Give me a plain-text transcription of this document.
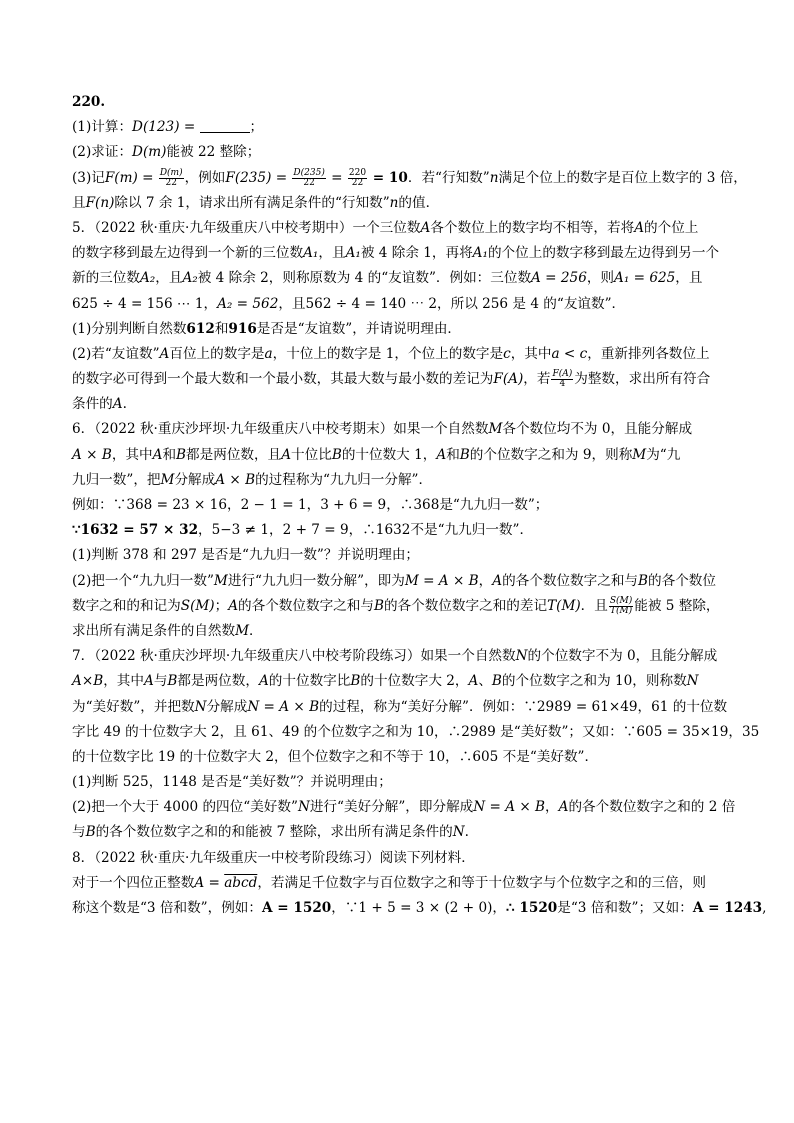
220.
(1)计算：D(123) =	；
(2)求证：D(m)能被 22 整除；
(3)记$F(m) = \frac{D(m)}{22}$ ，例如$F(235) = \frac{D(235)}{22} = \frac{220}{22} = 10$．若“行知数”n满足个位上的数字是百位上数字的 3 倍，
且F(n)除以 7 余 1，请求出所有满足条件的“行知数”n的值．
5．（2022 秋·重庆·九年级重庆八中校考期中）一个三位数A各个数位上的数字均不相等，若将A的个位上
的数字移到最左边得到一个新的三位数A₁，且A₁被 4 除余 1，再将A₁的个位上的数字移到最左边得到另一个
新的三位数A₂，且A₂被 4 除余 2，则称原数为 4 的“友谊数”．例如：三位数A = 256，则A₁ = 625，且
625 ÷ 4 = 156 ⋯ 1，A₂ = 562，且562 ÷ 4 = 140 ⋯ 2，所以 256 是 4 的“友谊数”．
(1)分别判断自然数612和916是否是“友谊数”，并请说明理由．
(2)若“友谊数”A百位上的数字是a，十位上的数字是 1，个位上的数字是c，其中a < c，重新排列各数位上
的数字必可得到一个最大数和一个最小数，其最大数与最小数的差记为F(A)，若 $\frac{F(A)}{4}$ 为整数，求出所有符合
条件的A.
6．（2022 秋·重庆沙坪坝·九年级重庆八中校考期末）如果一个自然数M各个数位均不为 0，且能分解成
A × B，其中A和B都是两位数，且A十位比B的十位数大 1，A和B的个位数字之和为 9，则称M为“九
九归一数”，把M分解成A × B的过程称为“九九归一分解”．
例如：∵368 = 23 × 16，2 − 1 = 1，3 + 6 = 9，∴368是“九九归一数”；
∵1632 = 57 × 32，5−3 ≠ 1，2 + 7 = 9，∴1632不是“九九归一数”．
(1)判断 378 和 297 是否是“九九归一数”？并说明理由；
(2)把一个“九九归一数”M进行“九九归一数分解”，即为M = A × B，A的各个数位数字之和与B的各个数位
数字之和的和记为S(M)；A的各个数位数字之和与B的各个数位数字之和的差记T(M)．且 $\frac{S(M)}{T(M)}$ 能被 5 整除，
求出所有满足条件的自然数M．
7．（2022 秋·重庆沙坪坝·九年级重庆八中校考阶段练习）如果一个自然数N的个位数字不为 0，且能分解成
A×B，其中A与B都是两位数，A的十位数字比B的十位数字大 2，A、B的个位数字之和为 10，则称数N
为“美好数”，并把数N分解成N = A × B的过程，称为“美好分解”．例如：∵2989 = 61×49，61 的十位数
字比 49 的十位数字大 2，且 61、49 的个位数字之和为 10，∴2989 是“美好数”；又如：∵605 = 35×19，35
的十位数字比 19 的十位数字大 2，但个位数字之和不等于 10，∴605 不是“美好数”．
(1)判断 525，1148 是否是“美好数”？并说明理由；
(2)把一个大于 4000 的四位“美好数”N进行“美好分解”，即分解成N = A × B，A的各个数位数字之和的 2 倍
与B的各个数位数字之和的和能被 7 整除，求出所有满足条件的N.
8．（2022 秋·重庆·九年级重庆一中校考阶段练习）阅读下列材料．
对于一个四位正整数A = abcd，若满足千位数字与百位数字之和等于十位数字与个位数字之和的三倍，则
称这个数是“3 倍和数”，例如：A = 1520，∵1 + 5 = 3 × (2 + 0)，∴ 1520是“3 倍和数”；又如：A = 1243,
